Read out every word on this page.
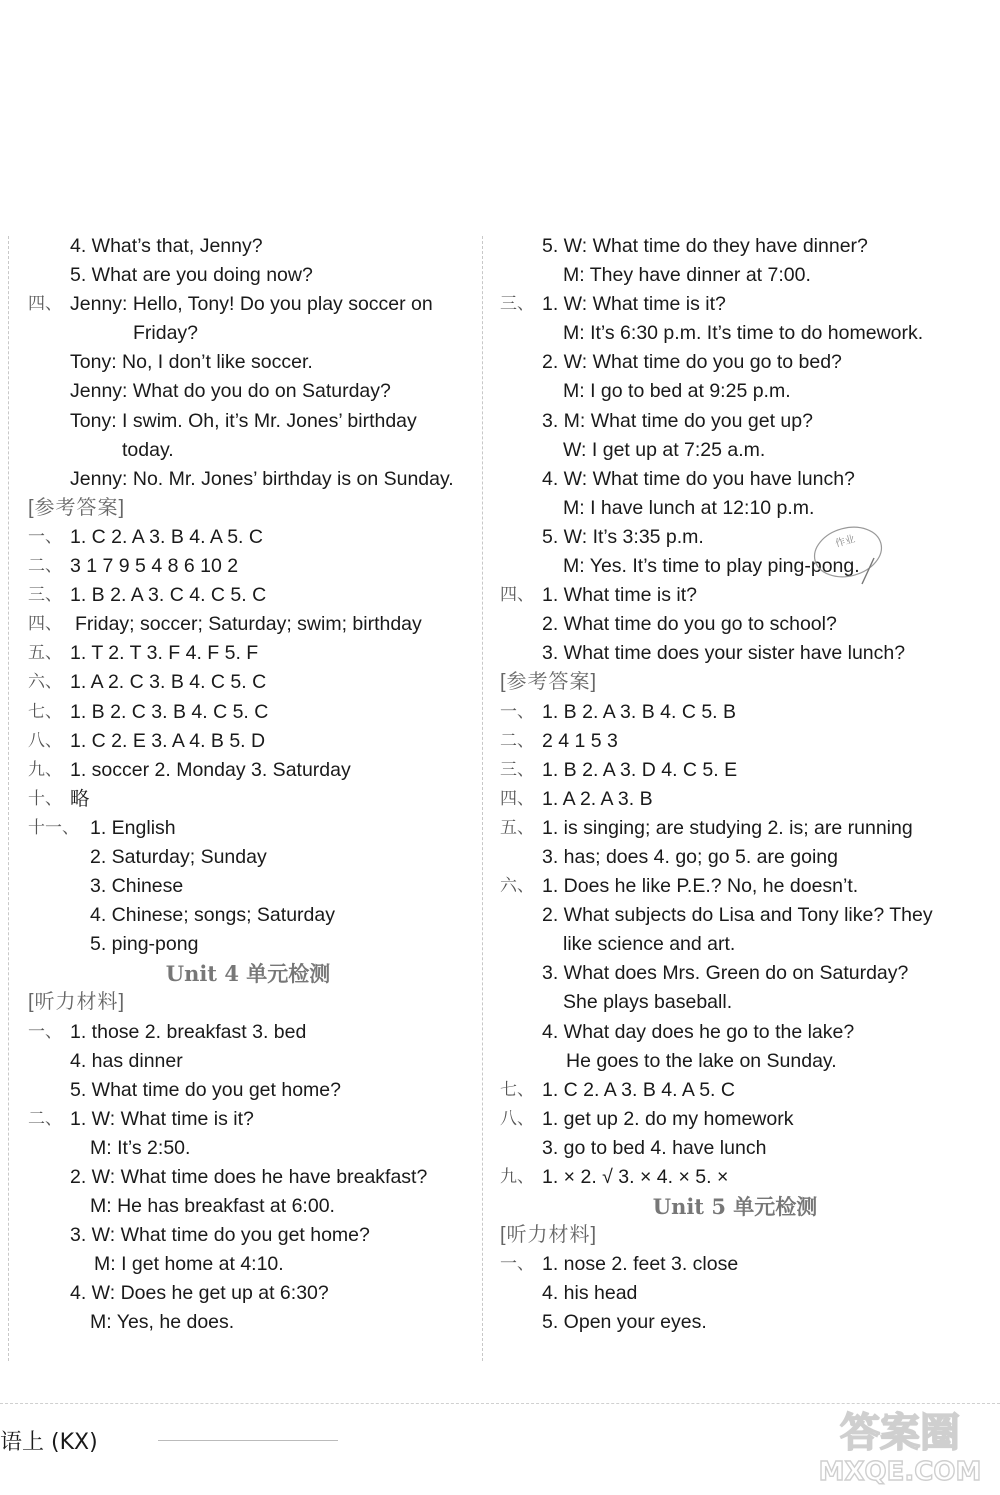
4. What’s that, Jenny?
5. What are you doing now?
四、 Jenny: Hello, Tony! Do you play soccer on
Friday?
Tony: No, I don’t like soccer.
Jenny: What do you do on Saturday?
Tony: I swim. Oh, it’s Mr. Jones’ birthday
today.
Jenny: No. Mr. Jones’ birthday is on Sunday.
[参考答案]
一、 1. C 2. A 3. B 4. A 5. C
二、 3 1 7 9 5 4 8 6 10 2
三、 1. B 2. A 3. C 4. C 5. C
四、 Friday; soccer; Saturday; swim; birthday
五、 1. T 2. T 3. F 4. F 5. F
六、 1. A 2. C 3. B 4. C 5. C
七、 1. B 2. C 3. B 4. C 5. C
八、 1. C 2. E 3. A 4. B 5. D
九、 1. soccer 2. Monday 3. Saturday
十、 略
十一、 1. English
2. Saturday; Sunday
3. Chinese
4. Chinese; songs; Saturday
5. ping-pong
Unit 4 单元检测
[听力材料]
一、 1. those 2. breakfast 3. bed
4. has dinner
5. What time do you get home?
二、 1. W: What time is it?
M: It’s 2:50.
2. W: What time does he have breakfast?
M: He has breakfast at 6:00.
3. W: What time do you get home?
M: I get home at 4:10.
4. W: Does he get up at 6:30?
M: Yes, he does.
5. W: What time do they have dinner?
M: They have dinner at 7:00.
三、 1. W: What time is it?
M: It’s 6:30 p.m. It’s time to do homework.
2. W: What time do you go to bed?
M: I go to bed at 9:25 p.m.
3. M: What time do you get up?
W: I get up at 7:25 a.m.
4. W: What time do you have lunch?
M: I have lunch at 12:10 p.m.
5. W: It’s 3:35 p.m.
M: Yes. It’s time to play ping-pong.
四、 1. What time is it?
2. What time do you go to school?
3. What time does your sister have lunch?
[参考答案]
一、 1. B 2. A 3. B 4. C 5. B
二、 2 4 1 5 3
三、 1. B 2. A 3. D 4. C 5. E
四、 1. A 2. A 3. B
五、 1. is singing; are studying 2. is; are running
3. has; does 4. go; go 5. are going
六、 1. Does he like P.E.? No, he doesn’t.
2. What subjects do Lisa and Tony like? They
like science and art.
3. What does Mrs. Green do on Saturday?
She plays baseball.
4. What day does he go to the lake?
He goes to the lake on Sunday.
七、 1. C 2. A 3. B 4. A 5. C
八、 1. get up 2. do my homework
3. go to bed 4. have lunch
九、 1. × 2. √ 3. × 4. × 5. ×
Unit 5 单元检测
[听力材料]
一、 1. nose 2. feet 3. close
4. his head
5. Open your eyes.
作业
语上 (KX)	答案圈
MXQE.COM
